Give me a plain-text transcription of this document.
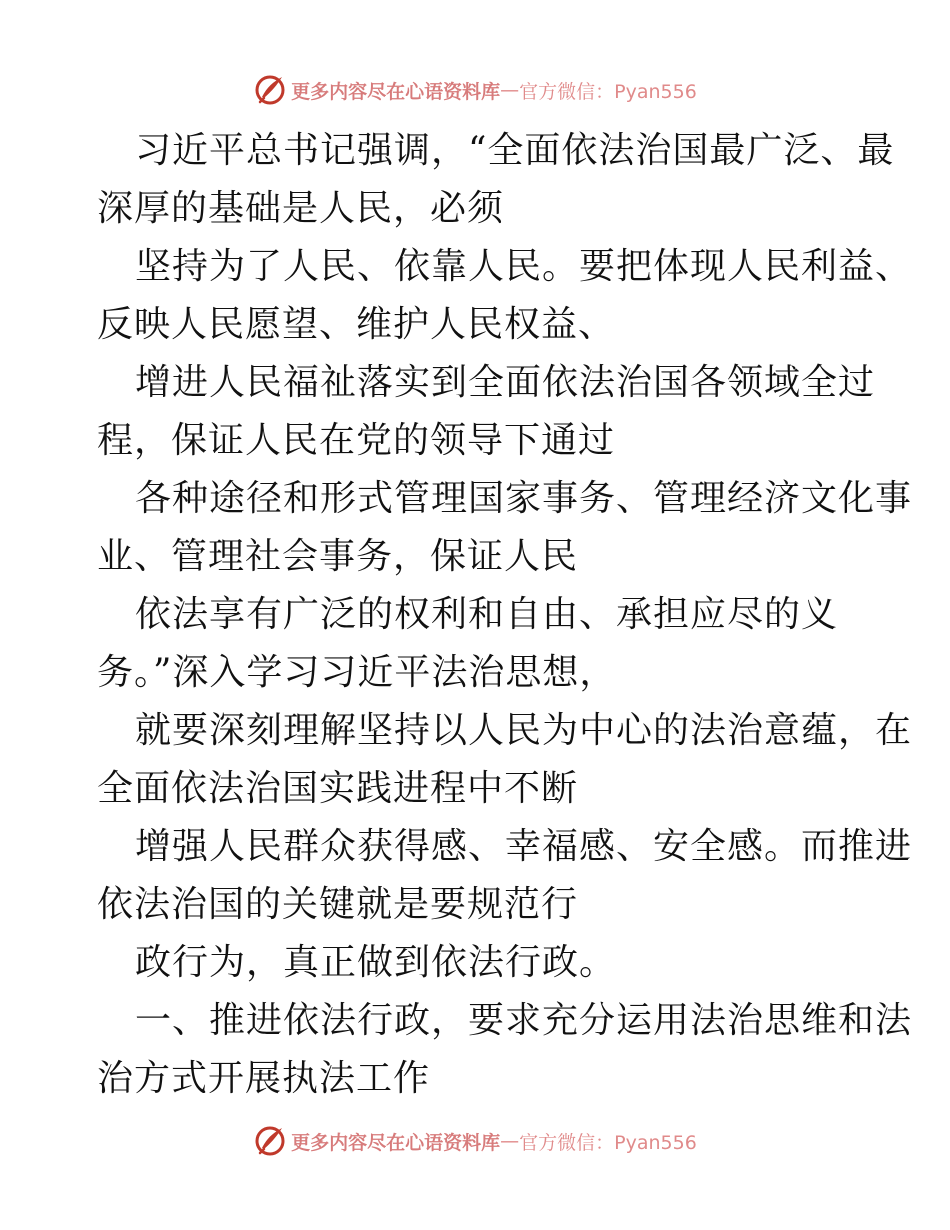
更多内容尽在心语资料库 — 官方微信：Pyan556
习近平总书记强调，“全面依法治国最广泛、最
深厚的基础是人民，必须
坚持为了人民、依靠人民。要把体现人民利益、
反映人民愿望、维护人民权益、
增进人民福祉落实到全面依法治国各领域全过
程，保证人民在党的领导下通过
各种途径和形式管理国家事务、管理经济文化事
业、管理社会事务，保证人民
依法享有广泛的权利和自由、承担应尽的义
务。”深入学习习近平法治思想，
就要深刻理解坚持以人民为中心的法治意蕴，在
全面依法治国实践进程中不断
增强人民群众获得感、幸福感、安全感。而推进
依法治国的关键就是要规范行
政行为，真正做到依法行政。
一、推进依法行政，要求充分运用法治思维和法
治方式开展执法工作
更多内容尽在心语资料库 — 官方微信：Pyan556
